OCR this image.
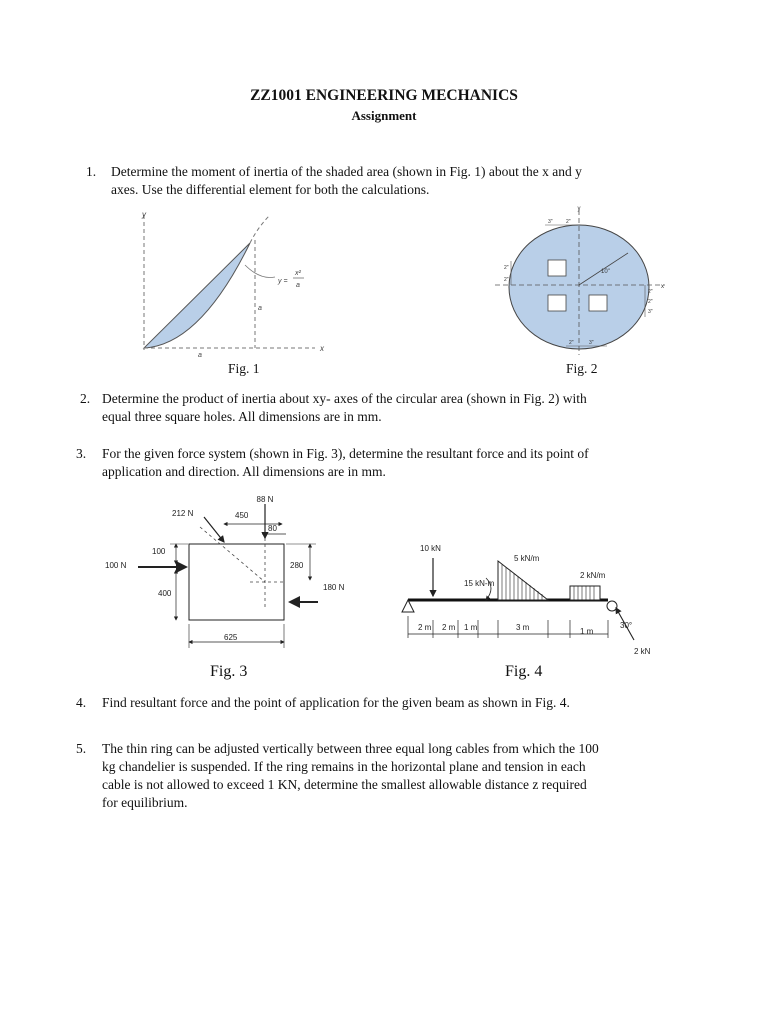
ZZ1001 ENGINEERING MECHANICS
Assignment
1. Determine the moment of inertia of the shaded area (shown in Fig. 1) about the x and y
axes. Use the differential element for both the calculations.
y
x
y =
x²
a
a
a
Fig. 1
10"
3"	2"
y
x
2"
2"
2"
2"
3"
2"	3"
Fig. 2
2. Determine the product of inertia about xy- axes of the circular area (shown in Fig. 2) with
equal three square holes. All dimensions are in mm.
3. For the given force system (shown in Fig. 3), determine the resultant force and its point of
application and direction. All dimensions are in mm.
88 N
212 N	450
80
100
100 N	280
180 N
400
625
Fig. 3
10 kN
5 kN/m
15 kN-m
2 kN/m
30°
2 kN
2 m 2 m 1 m	3 m	1 m
Fig. 4
4. Find resultant force and the point of application for the given beam as shown in Fig. 4.
5. The thin ring can be adjusted vertically between three equal long cables from which the 100
kg chandelier is suspended. If the ring remains in the horizontal plane and tension in each
cable is not allowed to exceed 1 KN, determine the smallest allowable distance z required
for equilibrium.
